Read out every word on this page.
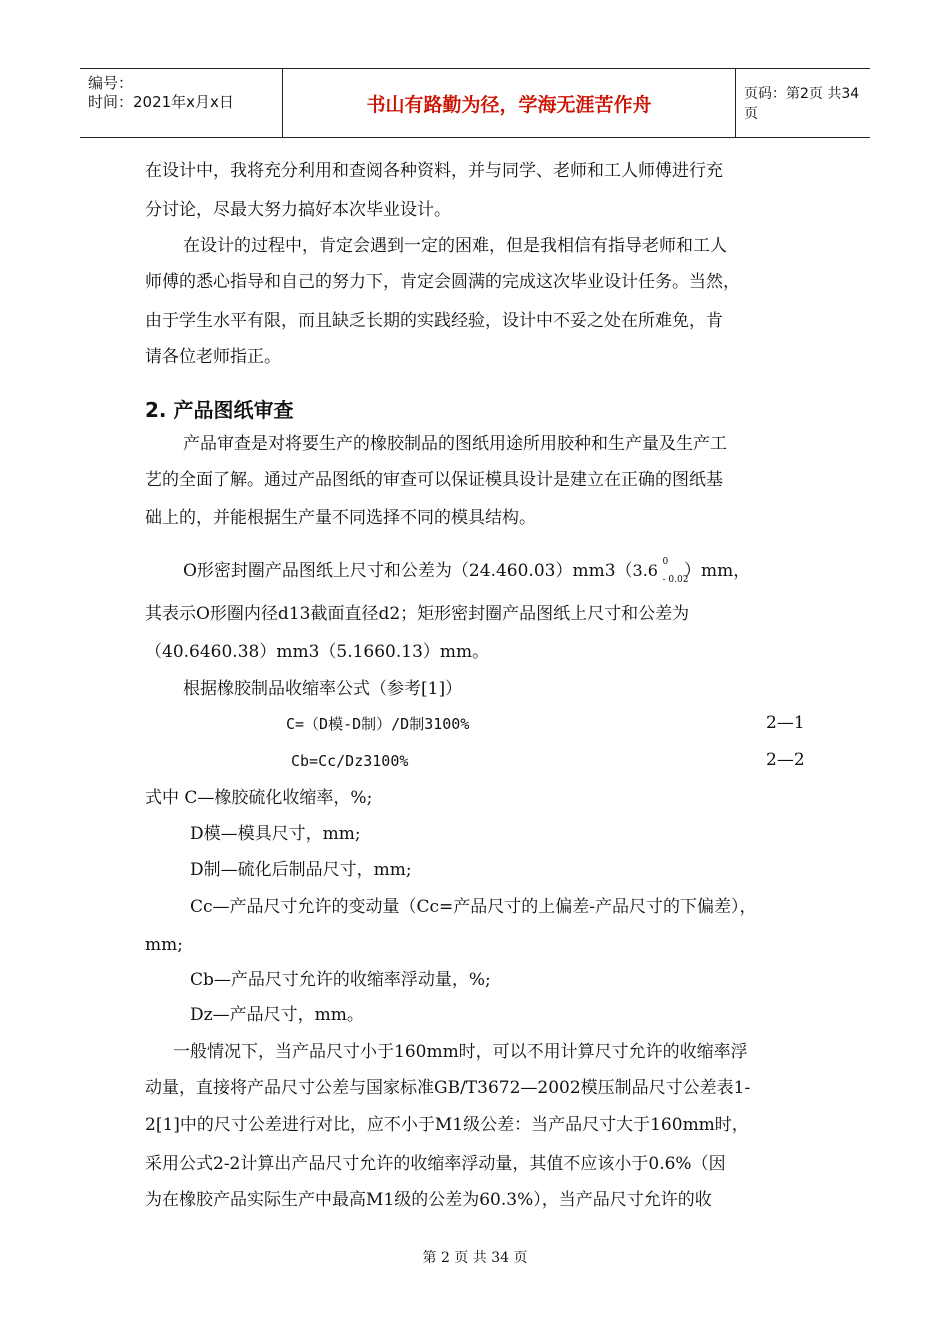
编号：
时间：2021年x月x日	书山有路勤为径，学海无涯苦作舟	页码：第2页 共34页
在设计中，我将充分利用和查阅各种资料，并与同学、老师和工人师傅进行充
分讨论，尽最大努力搞好本次毕业设计。
在设计的过程中，肯定会遇到一定的困难，但是我相信有指导老师和工人
师傅的悉心指导和自己的努力下，肯定会圆满的完成这次毕业设计任务。当然，
由于学生水平有限，而且缺乏长期的实践经验，设计中不妥之处在所难免，肯
请各位老师指正。
2. 产品图纸审查
产品审查是对将要生产的橡胶制品的图纸用途所用胶种和生产量及生产工
艺的全面了解。通过产品图纸的审查可以保证模具设计是建立在正确的图纸基
础上的，并能根据生产量不同选择不同的模具结构。
O形密封圈产品图纸上尺寸和公差为（24.460.03）mm3（3.6 0
- 0.02
）mm，
其表示O形圈内径d13截面直径d2；矩形密封圈产品图纸上尺寸和公差为
（40.6460.38）mm3（5.1660.13）mm。
根据橡胶制品收缩率公式（参考[1]）
C=（D模-D制）/D制3100%	2—1
Cb=Cc/Dz3100%	2—2
式中 C—橡胶硫化收缩率，%;
D模—模具尺寸，mm;
D制—硫化后制品尺寸，mm;
Cc—产品尺寸允许的变动量（Cc=产品尺寸的上偏差-产品尺寸的下偏差），
mm;
Cb—产品尺寸允许的收缩率浮动量，%;
Dz—产品尺寸，mm。
一般情况下，当产品尺寸小于160mm时，可以不用计算尺寸允许的收缩率浮
动量，直接将产品尺寸公差与国家标准GB/T3672—2002模压制品尺寸公差表1-
2[1]中的尺寸公差进行对比，应不小于M1级公差：当产品尺寸大于160mm时，
采用公式2-2计算出产品尺寸允许的收缩率浮动量，其值不应该小于0.6%（因
为在橡胶产品实际生产中最高M1级的公差为60.3%），当产品尺寸允许的收
第 2 页 共 34 页
